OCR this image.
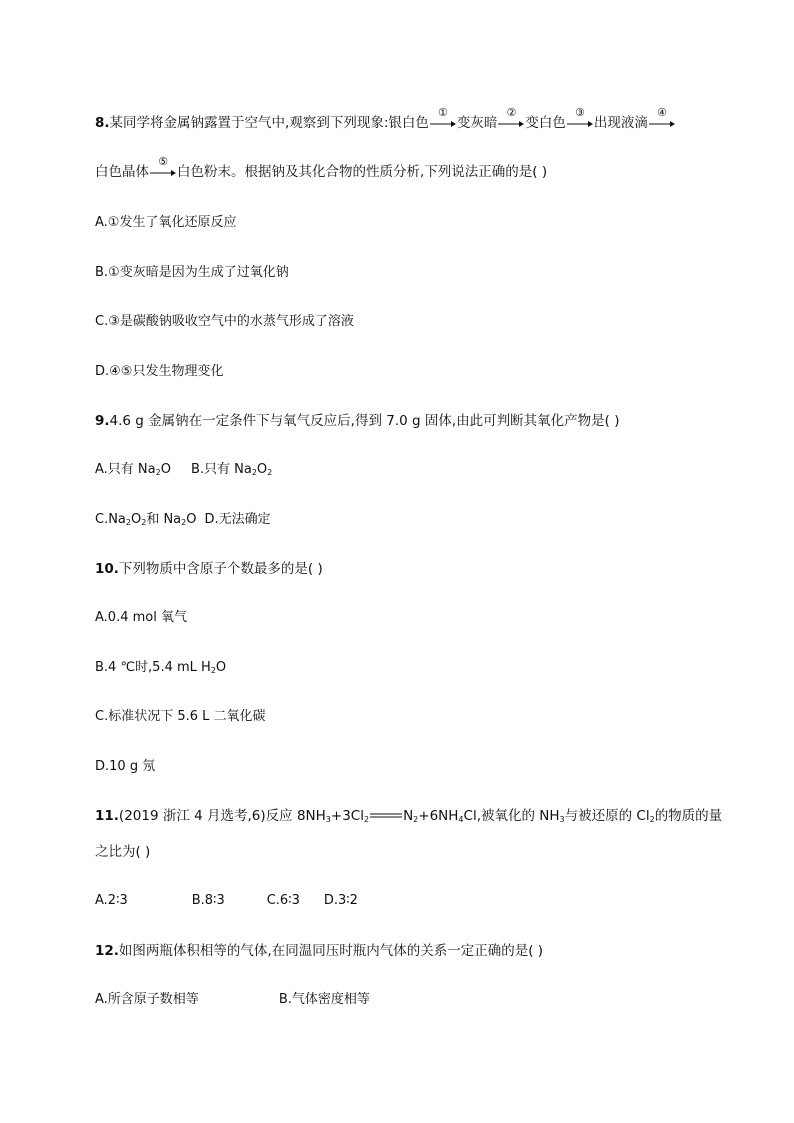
8.某同学将金属钠露置于空气中,观察到下列现象:银白色
①
变灰暗
②
变白色
③
出现液滴
④
白色晶体
⑤
白色粉末。根据钠及其化合物的性质分析,下列说法正确的是( )
A.①发生了氧化还原反应
B.①变灰暗是因为生成了过氧化钠
C.③是碳酸钠吸收空气中的水蒸气形成了溶液
D.④⑤只发生物理变化
9.4.6 g 金属钠在一定条件下与氧气反应后,得到 7.0 g 固体,由此可判断其氧化产物是( )
A.只有 $Na_2O$ B.只有 $Na_2O_2$
$C.Na_2O_2$和 $Na_2O$ D.无法确定
10.下列物质中含原子个数最多的是( )
A.0.4 mol 氧气
B.4 ℃时,5.4 mL $H_2O$
C.标准状况下 5.6 L 二氧化碳
D.10 g 氖
11.(2019 浙江 4 月选考,6)反应 $8NH_3+3Cl_2$	$N_2+6NH_4Cl$,被氧化的 $NH_3$与被还原的 $Cl_2$的物质的量
之比为( )
A.2∶3	B.8∶3	C.6∶3 D.3∶2
12.如图两瓶体积相等的气体,在同温同压时瓶内气体的关系一定正确的是( )
A.所含原子数相等	B.气体密度相等
